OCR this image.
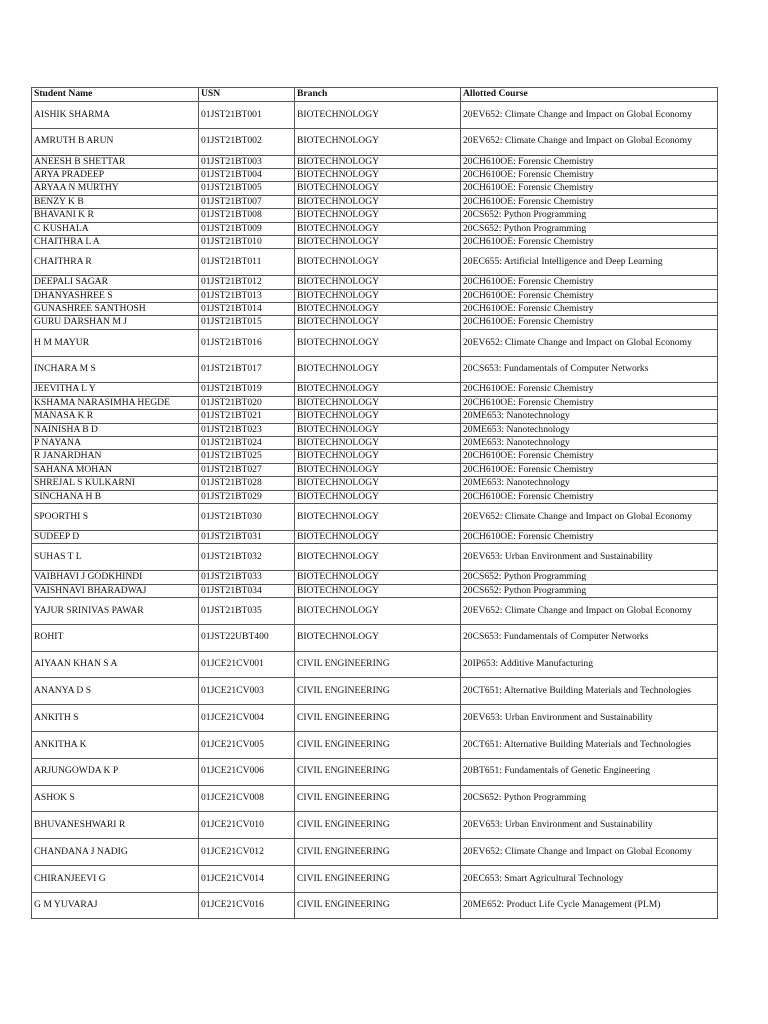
Student Name	USN	Branch	Allotted Course
AISHIK SHARMA	01JST21BT001	BIOTECHNOLOGY	20EV652: Climate Change and Impact on Global Economy
AMRUTH B ARUN	01JST21BT002	BIOTECHNOLOGY	20EV652: Climate Change and Impact on Global Economy
ANEESH B SHETTAR	01JST21BT003	BIOTECHNOLOGY	20CH610OE: Forensic Chemistry
ARYA PRADEEP	01JST21BT004	BIOTECHNOLOGY	20CH610OE: Forensic Chemistry
ARYAA N MURTHY	01JST21BT005	BIOTECHNOLOGY	20CH610OE: Forensic Chemistry
BENZY K B	01JST21BT007	BIOTECHNOLOGY	20CH610OE: Forensic Chemistry
BHAVANI K R	01JST21BT008	BIOTECHNOLOGY	20CS652: Python Programming
C KUSHALA	01JST21BT009	BIOTECHNOLOGY	20CS652: Python Programming
CHAITHRA L A	01JST21BT010	BIOTECHNOLOGY	20CH610OE: Forensic Chemistry
CHAITHRA R	01JST21BT011	BIOTECHNOLOGY	20EC655: Artificial Intelligence and Deep Learning
DEEPALI SAGAR	01JST21BT012	BIOTECHNOLOGY	20CH610OE: Forensic Chemistry
DHANYASHREE S	01JST21BT013	BIOTECHNOLOGY	20CH610OE: Forensic Chemistry
GUNASHREE SANTHOSH	01JST21BT014	BIOTECHNOLOGY	20CH610OE: Forensic Chemistry
GURU DARSHAN M J	01JST21BT015	BIOTECHNOLOGY	20CH610OE: Forensic Chemistry
H M MAYUR	01JST21BT016	BIOTECHNOLOGY	20EV652: Climate Change and Impact on Global Economy
INCHARA M S	01JST21BT017	BIOTECHNOLOGY	20CS653: Fundamentals of Computer Networks
JEEVITHA L Y	01JST21BT019	BIOTECHNOLOGY	20CH610OE: Forensic Chemistry
KSHAMA NARASIMHA HEGDE	01JST21BT020	BIOTECHNOLOGY	20CH610OE: Forensic Chemistry
MANASA K R	01JST21BT021	BIOTECHNOLOGY	20ME653: Nanotechnology
NAINISHA B D	01JST21BT023	BIOTECHNOLOGY	20ME653: Nanotechnology
P NAYANA	01JST21BT024	BIOTECHNOLOGY	20ME653: Nanotechnology
R JANARDHAN	01JST21BT025	BIOTECHNOLOGY	20CH610OE: Forensic Chemistry
SAHANA MOHAN	01JST21BT027	BIOTECHNOLOGY	20CH610OE: Forensic Chemistry
SHREJAL S KULKARNI	01JST21BT028	BIOTECHNOLOGY	20ME653: Nanotechnology
SINCHANA H B	01JST21BT029	BIOTECHNOLOGY	20CH610OE: Forensic Chemistry
SPOORTHI S	01JST21BT030	BIOTECHNOLOGY	20EV652: Climate Change and Impact on Global Economy
SUDEEP D	01JST21BT031	BIOTECHNOLOGY	20CH610OE: Forensic Chemistry
SUHAS T L	01JST21BT032	BIOTECHNOLOGY	20EV653: Urban Environment and Sustainability
VAIBHAVI J GODKHINDI	01JST21BT033	BIOTECHNOLOGY	20CS652: Python Programming
VAISHNAVI BHARADWAJ	01JST21BT034	BIOTECHNOLOGY	20CS652: Python Programming
YAJUR SRINIVAS PAWAR	01JST21BT035	BIOTECHNOLOGY	20EV652: Climate Change and Impact on Global Economy
ROHIT	01JST22UBT400	BIOTECHNOLOGY	20CS653: Fundamentals of Computer Networks
AIYAAN KHAN S A	01JCE21CV001	CIVIL ENGINEERING	20IP653: Additive Manufacturing
ANANYA D S	01JCE21CV003	CIVIL ENGINEERING	20CT651: Alternative Building Materials and Technologies
ANKITH S	01JCE21CV004	CIVIL ENGINEERING	20EV653: Urban Environment and Sustainability
ANKITHA K	01JCE21CV005	CIVIL ENGINEERING	20CT651: Alternative Building Materials and Technologies
ARJUNGOWDA K P	01JCE21CV006	CIVIL ENGINEERING	20BT651: Fundamentals of Genetic Engineering
ASHOK S	01JCE21CV008	CIVIL ENGINEERING	20CS652: Python Programming
BHUVANESHWARI R	01JCE21CV010	CIVIL ENGINEERING	20EV653: Urban Environment and Sustainability
CHANDANA J NADIG	01JCE21CV012	CIVIL ENGINEERING	20EV652: Climate Change and Impact on Global Economy
CHIRANJEEVI G	01JCE21CV014	CIVIL ENGINEERING	20EC653: Smart Agricultural Technology
G M YUVARAJ	01JCE21CV016	CIVIL ENGINEERING	20ME652: Product Life Cycle Management (PLM)
